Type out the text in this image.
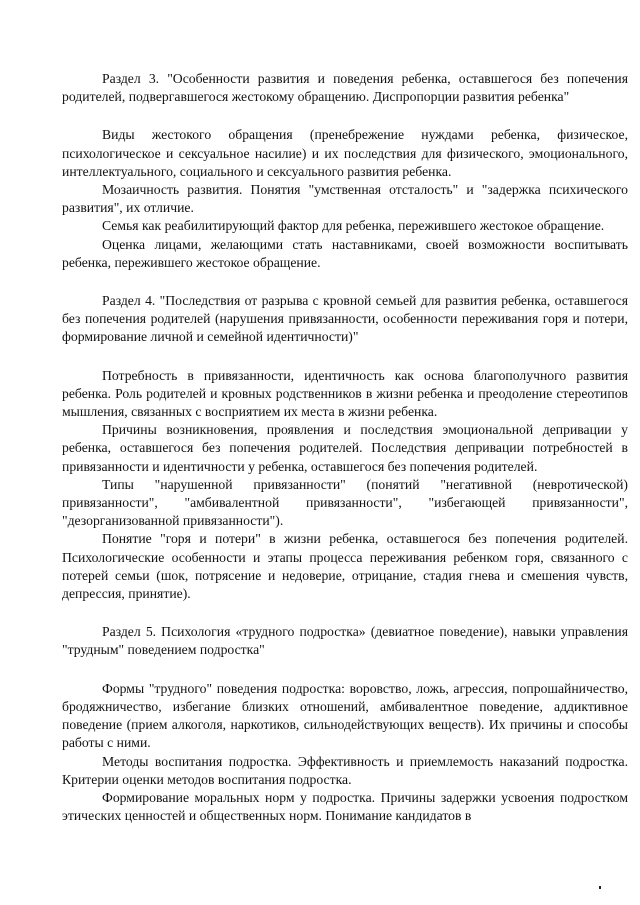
Раздел 3. "Особенности развития и поведения ребенка, оставшегося без попечения родителей, подвергавшегося жестокому обращению. Диспропорции развития ребенка"

Виды жестокого обращения (пренебрежение нуждами ребенка, физическое, психологическое и сексуальное насилие) и их последствия для физического, эмоционального, интеллектуального, социального и сексуального развития ребенка.

Мозаичность развития. Понятия "умственная отсталость" и "задержка психического развития", их отличие.

Семья как реабилитирующий фактор для ребенка, пережившего жестокое обращение.

Оценка лицами, желающими стать наставниками, своей возможности воспитывать ребенка, пережившего жестокое обращение.

Раздел 4. "Последствия от разрыва с кровной семьей для развития ребенка, оставшегося без попечения родителей (нарушения привязанности, особенности переживания горя и потери, формирование личной и семейной идентичности)"

Потребность в привязанности, идентичность как основа благополучного развития ребенка. Роль родителей и кровных родственников в жизни ребенка и преодоление стереотипов мышления, связанных с восприятием их места в жизни ребенка.

Причины возникновения, проявления и последствия эмоциональной депривации у ребенка, оставшегося без попечения родителей. Последствия депривации потребностей в привязанности и идентичности у ребенка, оставшегося без попечения родителей.

Типы "нарушенной привязанности" (понятий "негативной (невротической) привязанности", "амбивалентной привязанности", "избегающей привязанности", "дезорганизованной привязанности").

Понятие "горя и потери" в жизни ребенка, оставшегося без попечения родителей. Психологические особенности и этапы процесса переживания ребенком горя, связанного с потерей семьи (шок, потрясение и недоверие, отрицание, стадия гнева и смешения чувств, депрессия, принятие).

Раздел 5. Психология «трудного подростка» (девиатное поведение), навыки управления "трудным" поведением подростка"

Формы "трудного" поведения подростка: воровство, ложь, агрессия, попрошайничество, бродяжничество, избегание близких отношений, амбивалентное поведение, аддиктивное поведение (прием алкоголя, наркотиков, сильнодействующих веществ). Их причины и способы работы с ними.

Методы воспитания подростка. Эффективность и приемлемость наказаний подростка. Критерии оценки методов воспитания подростка.

Формирование моральных норм у подростка. Причины задержки усвоения подростком этических ценностей и общественных норм. Понимание кандидатов в
